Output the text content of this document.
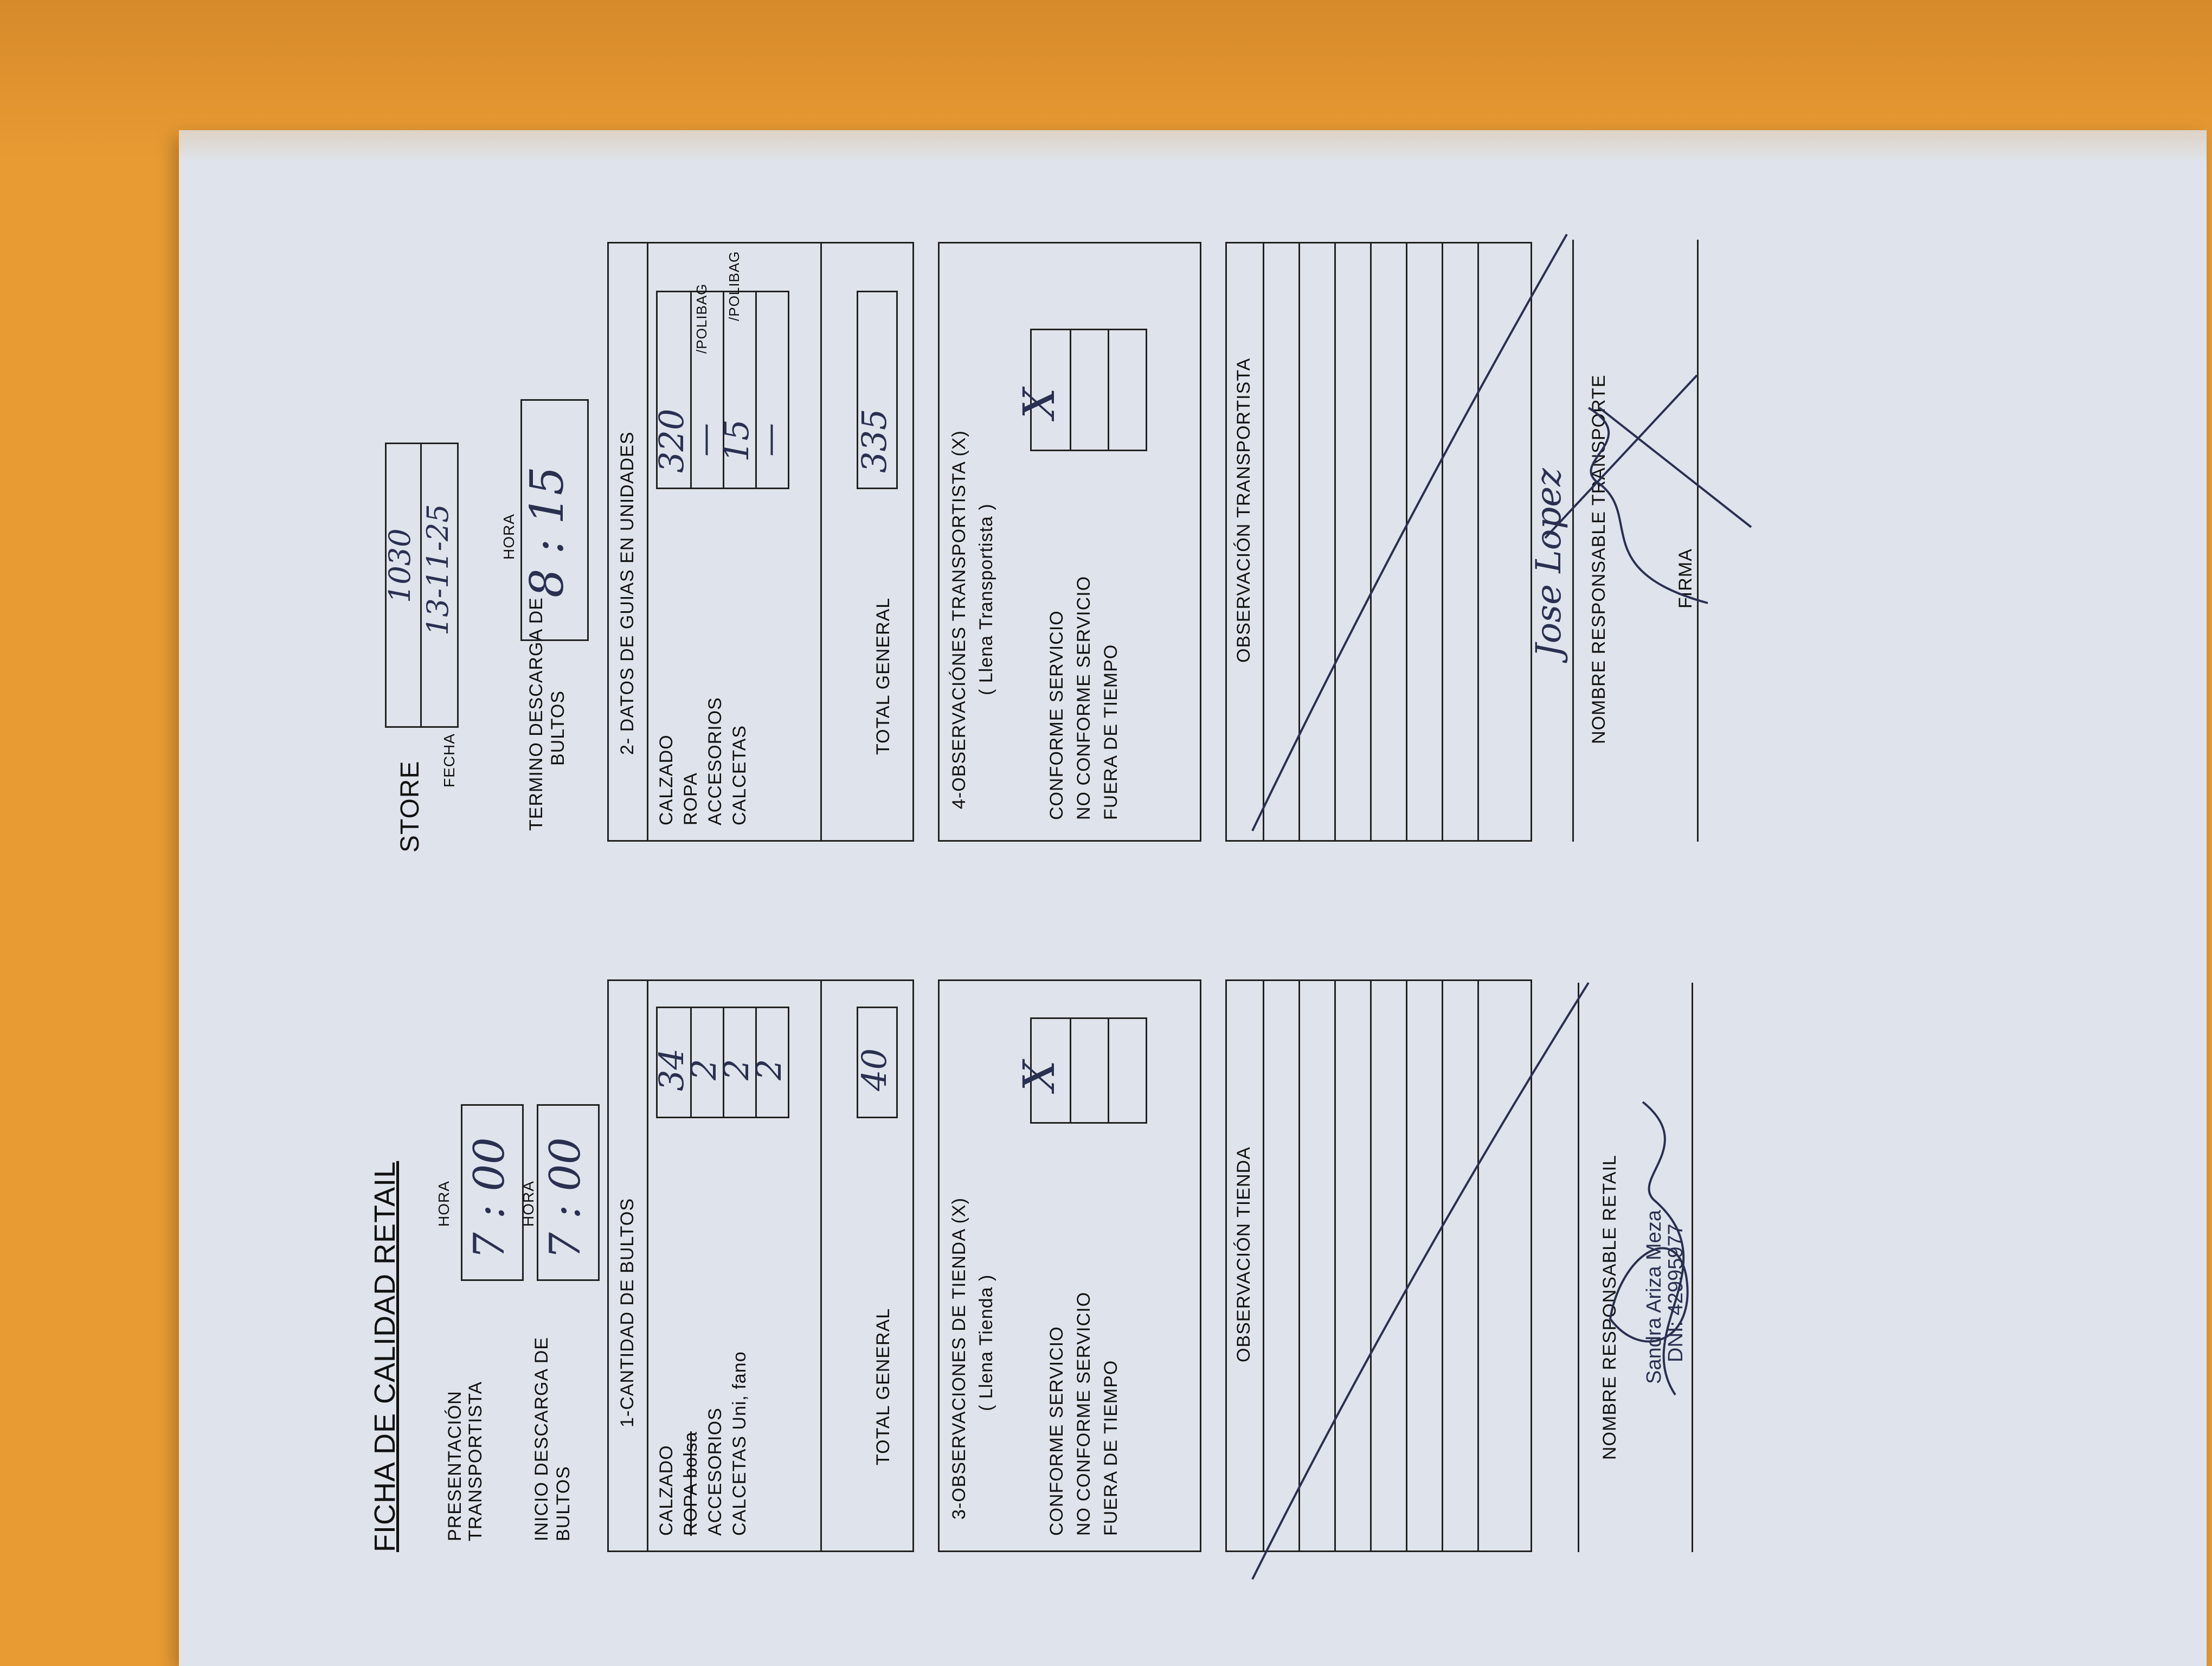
FICHA DE CALIDAD RETAIL
STORE
FECHA
1030 13-11-25
PRESENTACIÓN TRANSPORTISTA
HORA 7 : 00
INICIO DESCARGA DE BULTOS
HORA 7 : 00
TERMINO DESCARGA DE BULTOS
HORA 8 : 15
1-CANTIDAD DE BULTOS
CALZADO ROPA bolsa ACCESORIOS CALCETAS Uni, fano
34
2
2
2
TOTAL GENERAL
40
2- DATOS DE GUIAS EN UNIDADES
CALZADO ROPA ACCESORIOS CALCETAS
320
—
15
—
/POLIBAG /POLIBAG
TOTAL GENERAL
335
3-OBSERVACIONES DE TIENDA (X) ( Llena Tienda )	CONFORME SERVICIO NO CONFORME SERVICIO FUERA DE TIEMPO
X
4-OBSERVACIÓNES TRANSPORTISTA (X) ( Llena Transportista )
CONFORME SERVICIO NO CONFORME SERVICIO FUERA DE TIEMPO
X
OBSERVACIÓN TIENDA
OBSERVACIÓN TRANSPORTISTA
NOMBRE RESPONSABLE RETAIL Sandra Ariza Meza
DNI: 42995977
Jose Lopez NOMBRE RESPONSABLE TRANSPORTE	FIRMA
